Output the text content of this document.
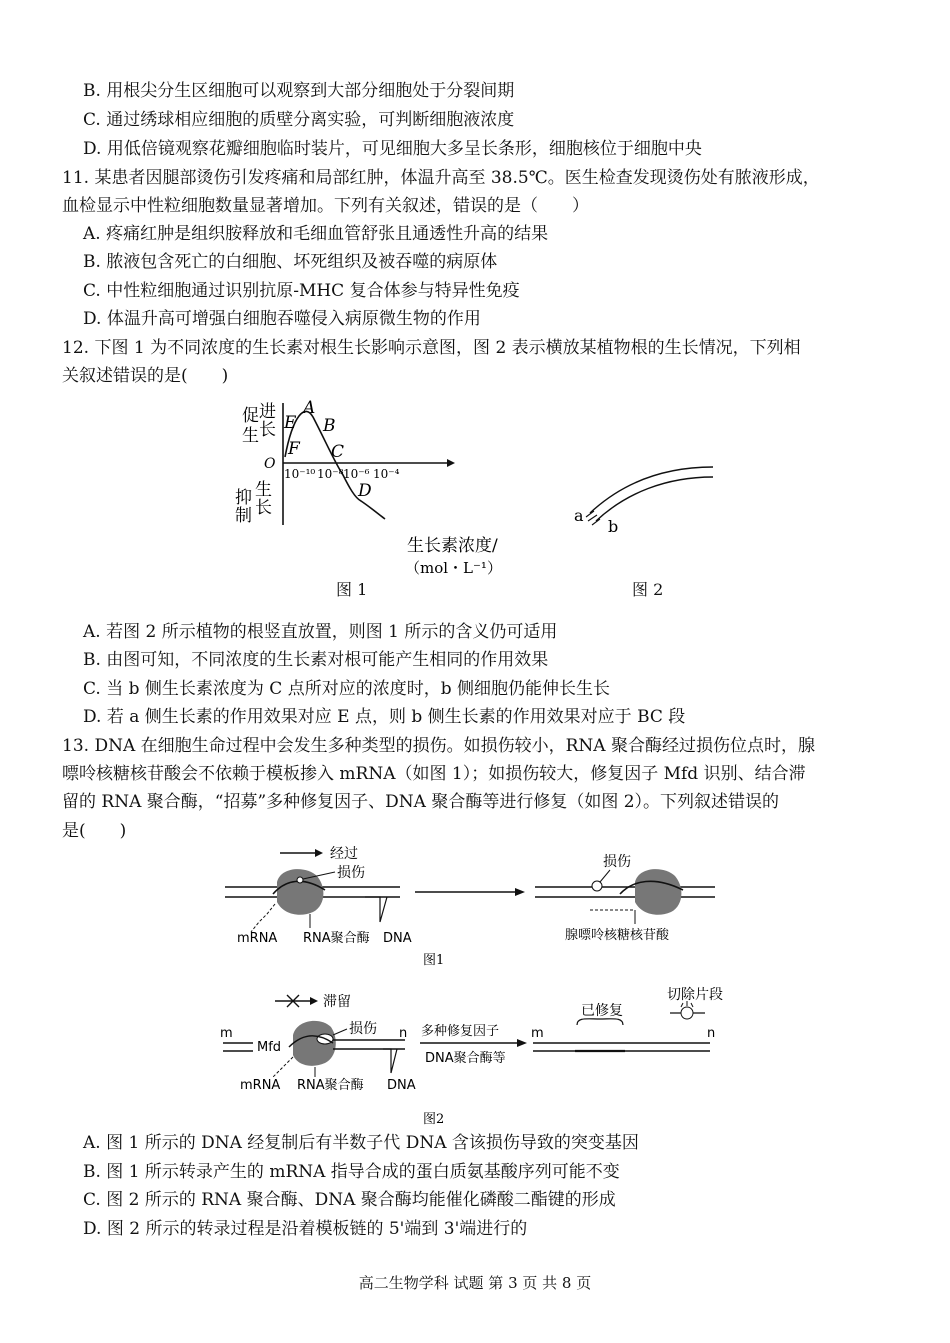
B. 用根尖分生区细胞可以观察到大部分细胞处于分裂间期
C. 通过绣球相应细胞的质壁分离实验，可判断细胞液浓度
D. 用低倍镜观察花瓣细胞临时装片，可见细胞大多呈长条形，细胞核位于细胞中央
11. 某患者因腿部烫伤引发疼痛和局部红肿，体温升高至 38.5℃。医生检查发现烫伤处有脓液形成，
血检显示中性粒细胞数量显著增加。下列有关叙述，错误的是（　　）
A. 疼痛红肿是组织胺释放和毛细血管舒张且通透性升高的结果
B. 脓液包含死亡的白细胞、坏死组织及被吞噬的病原体
C. 中性粒细胞通过识别抗原-MHC 复合体参与特异性免疫
D. 体温升高可增强白细胞吞噬侵入病原微生物的作用
12. 下图 1 为不同浓度的生长素对根生长影响示意图，图 2 表示横放某植物根的生长情况，下列相
关叙述错误的是(　　)
促 进
生 长
抑 生
制 长
O
A
B
E
F C
D
10⁻¹⁰ 10⁻⁸ 10⁻⁶ 10⁻⁴
生长素浓度/
（mol・L⁻¹）
图 1
a
b
图 2
A. 若图 2 所示植物的根竖直放置，则图 1 所示的含义仍可适用
B. 由图可知，不同浓度的生长素对根可能产生相同的作用效果
C. 当 b 侧生长素浓度为 C 点所对应的浓度时，b 侧细胞仍能伸长生长
D. 若 a 侧生长素的作用效果对应 E 点，则 b 侧生长素的作用效果对应于 BC 段
13. DNA 在细胞生命过程中会发生多种类型的损伤。如损伤较小，RNA 聚合酶经过损伤位点时，腺
嘌呤核糖核苷酸会不依赖于模板掺入 mRNA（如图 1）；如损伤较大，修复因子 Mfd 识别、结合滞
留的 RNA 聚合酶，“招募”多种修复因子、DNA 聚合酶等进行修复（如图 2）。下列叙述错误的
是(　　)
经过
损伤
mRNA RNA聚合酶 DNA
损伤
腺嘌呤核糖核苷酸
图1
滞留
m
Mfd
损伤 n
mRNA RNA聚合酶 DNA
多种修复因子
DNA聚合酶等
m
已修复
切除片段
n
图2
A. 图 1 所示的 DNA 经复制后有半数子代 DNA 含该损伤导致的突变基因
B. 图 1 所示转录产生的 mRNA 指导合成的蛋白质氨基酸序列可能不变
C. 图 2 所示的 RNA 聚合酶、DNA 聚合酶均能催化磷酸二酯键的形成
D. 图 2 所示的转录过程是沿着模板链的 5'端到 3'端进行的
高二生物学科 试题 第 3 页 共 8 页
